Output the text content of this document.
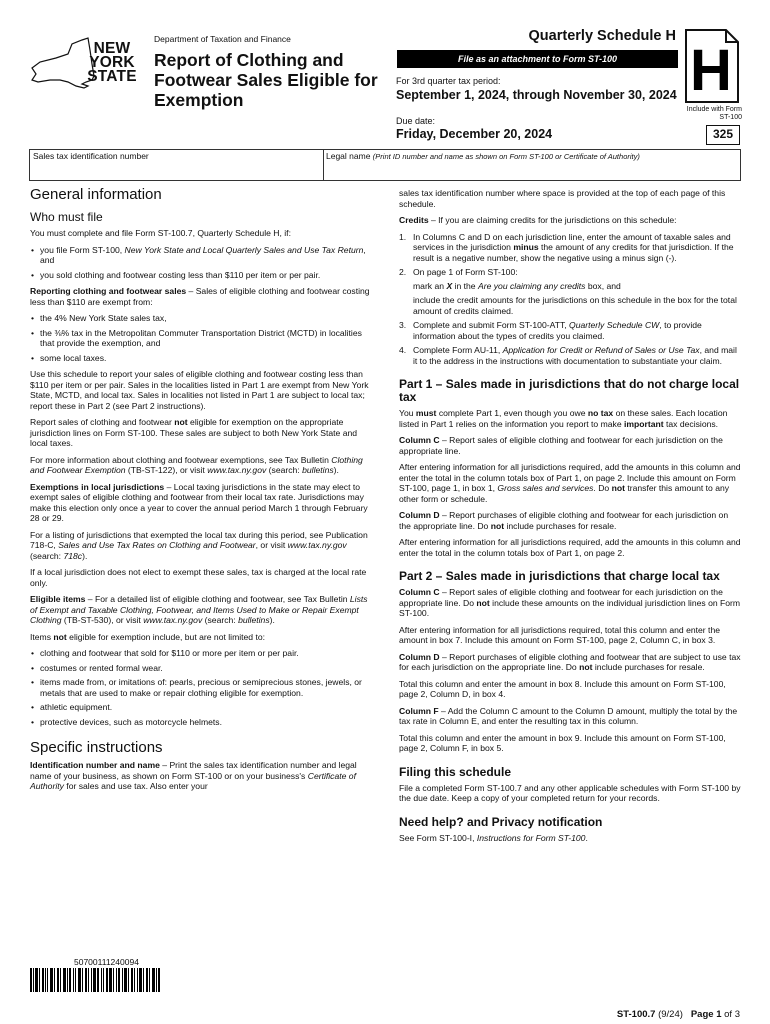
NEW YORK STATE
Department of Taxation and Finance
Report of Clothing and Footwear Sales Eligible for Exemption
Quarterly Schedule H
File as an attachment to Form ST-100
For 3rd quarter tax period:
September 1, 2024, through November 30, 2024
Due date:
Friday, December 20, 2024
H
Include with Form ST-100
325
Sales tax identification number	Legal name (Print ID number and name as shown on Form ST-100 or Certificate of Authority)
General information
Who must file

You must complete and file Form ST-100.7, Quarterly Schedule H, if:

• you file Form ST-100, New York State and Local Quarterly Sales and Use Tax Return, and
• you sold clothing and footwear costing less than $110 per item or per pair.

Reporting clothing and footwear sales – Sales of eligible clothing and footwear costing less than $110 are exempt from:

• the 4% New York State sales tax,
• the ⅜% tax in the Metropolitan Commuter Transportation District (MCTD) in localities that provide the exemption, and
• some local taxes.

Use this schedule to report your sales of eligible clothing and footwear costing less than $110 per item or per pair. Sales in the localities listed in Part 1 are exempt from New York State, MCTD, and local tax. Sales in localities not listed in Part 1 are subject to local tax; report these in Part 2 (see Part 2 instructions).

Report sales of clothing and footwear not eligible for exemption on the appropriate jurisdiction lines on Form ST-100. These sales are subject to both New York State and local taxes.

For more information about clothing and footwear exemptions, see Tax Bulletin Clothing and Footwear Exemption (TB-ST-122), or visit www.tax.ny.gov (search: bulletins).

Exemptions in local jurisdictions – Local taxing jurisdictions in the state may elect to exempt sales of eligible clothing and footwear from their local tax rate. Jurisdictions may make this election only once a year to cover the annual period March 1 through February 28 or 29.

For a listing of jurisdictions that exempted the local tax during this period, see Publication 718-C, Sales and Use Tax Rates on Clothing and Footwear, or visit www.tax.ny.gov (search: 718c).

If a local jurisdiction does not elect to exempt these sales, tax is charged at the local rate only.

Eligible items – For a detailed list of eligible clothing and footwear, see Tax Bulletin Lists of Exempt and Taxable Clothing, Footwear, and Items Used to Make or Repair Exempt Clothing (TB-ST-530), or visit www.tax.ny.gov (search: bulletins).

Items not eligible for exemption include, but are not limited to:

• clothing and footwear that sold for $110 or more per item or per pair.
• costumes or rented formal wear.
• items made from, or imitations of: pearls, precious or semiprecious stones, jewels, or metals that are used to make or repair clothing eligible for exemption.
• athletic equipment.
• protective devices, such as motorcycle helmets.
Specific instructions

Identification number and name – Print the sales tax identification number and legal name of your business, as shown on Form ST-100 or on your business's Certificate of Authority for sales and use tax. Also enter your

sales tax identification number where space is provided at the top of each page of this schedule.

Credits – If you are claiming credits for the jurisdictions on this schedule:

1. In Columns C and D on each jurisdiction line, enter the amount of taxable sales and services in the jurisdiction minus the amount of any credits for that jurisdiction. If the result is a negative number, show the negative using a minus sign (-).
2. On page 1 of Form ST-100:
mark an X in the Are you claiming any credits box, and
include the credit amounts for the jurisdictions on this schedule in the box for the total amount of credits claimed.
3. Complete and submit Form ST-100-ATT, Quarterly Schedule CW, to provide information about the types of credits you claimed.
4. Complete Form AU-11, Application for Credit or Refund of Sales or Use Tax, and mail it to the address in the instructions with documentation to substantiate your claim.
Part 1 – Sales made in jurisdictions that do not charge local tax

You must complete Part 1, even though you owe no tax on these sales. Each location listed in Part 1 relies on the information you report to make important tax decisions.

Column C – Report sales of eligible clothing and footwear for each jurisdiction on the appropriate line.

After entering information for all jurisdictions required, add the amounts in this column and enter the total in the column totals box of Part 1, on page 2. Include this amount on Form ST-100, page 1, in box 1, Gross sales and services. Do not transfer this amount to any other form or schedule.

Column D – Report purchases of eligible clothing and footwear for each jurisdiction on the appropriate line. Do not include purchases for resale.

After entering information for all jurisdictions required, add the amounts in this column and enter the total in the column totals box of Part 1, on page 2.

Part 2 – Sales made in jurisdictions that charge local tax

Column C – Report sales of eligible clothing and footwear for each jurisdiction on the appropriate line. Do not include these amounts on the individual jurisdiction lines on Form ST-100.

After entering information for all jurisdictions required, total this column and enter the amount in box 7. Include this amount on Form ST-100, page 2, Column C, in box 3.

Column D – Report purchases of eligible clothing and footwear that are subject to use tax for each jurisdiction on the appropriate line. Do not include purchases for resale.

Total this column and enter the amount in box 8. Include this amount on Form ST-100, page 2, Column D, in box 4.

Column F – Add the Column C amount to the Column D amount, multiply the total by the tax rate in Column E, and enter the resulting tax in this column.

Total this column and enter the amount in box 9. Include this amount on Form ST-100, page 2, Column F, in box 5.

Filing this schedule

File a completed Form ST-100.7 and any other applicable schedules with Form ST-100 by the due date. Keep a copy of your completed return for your records.

Need help? and Privacy notification

See Form ST-100-I, Instructions for Form ST-100.

50700111240094
ST-100.7 (9/24) Page 1 of 3
